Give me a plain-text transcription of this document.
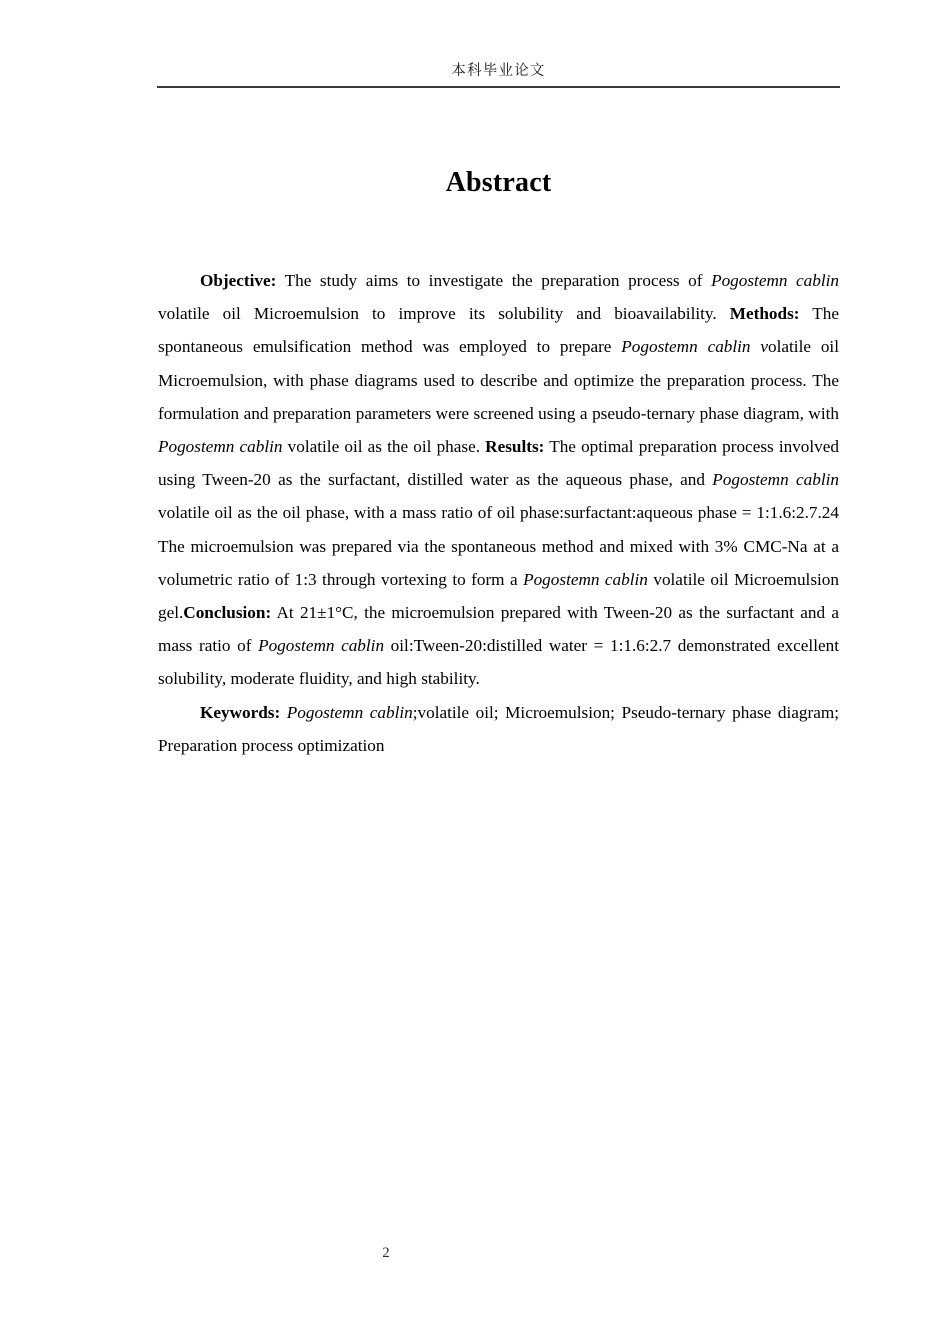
本科毕业论文
Abstract

Objective: The study aims to investigate the preparation process of Pogostemn cablin volatile oil Microemulsion to improve its solubility and bioavailability. Methods: The spontaneous emulsification method was employed to prepare Pogostemn cablin volatile oil Microemulsion, with phase diagrams used to describe and optimize the preparation process. The formulation and preparation parameters were screened using a pseudo-ternary phase diagram, with Pogostemn cablin volatile oil as the oil phase. Results: The optimal preparation process involved using Tween-20 as the surfactant, distilled water as the aqueous phase, and Pogostemn cablin volatile oil as the oil phase, with a mass ratio of oil phase:surfactant:aqueous phase = 1:1.6:2.7.24 The microemulsion was prepared via the spontaneous method and mixed with 3% CMC-Na at a volumetric ratio of 1:3 through vortexing to form a Pogostemn cablin volatile oil Microemulsion gel.Conclusion: At 21±1°C, the microemulsion prepared with Tween-20 as the surfactant and a mass ratio of Pogostemn cablin oil:Tween-20:distilled water = 1:1.6:2.7 demonstrated excellent solubility, moderate fluidity, and high stability.

Keywords: Pogostemn cablin;volatile oil; Microemulsion; Pseudo-ternary phase diagram; Preparation process optimization

2
